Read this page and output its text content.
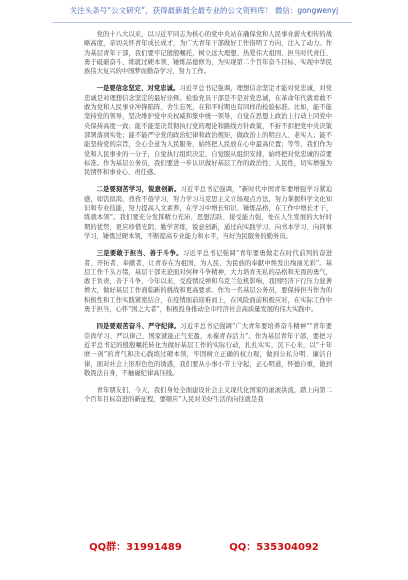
关注头条号“公文研究”，获得最新最全最专业的公文资料库！ 微信：gongwenyj

党的十八大以来，以习近平同志为核心的党中央站在确保党和人民事业薪火相传的战略高度，亲切关怀青年成长成才，为广大青年干部做好工作指明了方向、注入了动力。作为基层青年干部，我们要牢记殷殷嘱托，树立远大理想、热爱伟大祖国、担当时代责任、勇于砥砺奋斗、练就过硬本领、锤炼品德修为，为实现第二个百年奋斗目标、实现中华民族伟大复兴的中国梦而勤奋学习、努力工作。

一是要信念坚定、对党忠诚。习近平总书记强调，理想信念坚定才能对党忠诚，对党忠诚是对理想信念坚定的最好诠释。检验党员干部是不是对党忠诚，在革命年代就看敢不敢为党和人民事业冲锋陷阵、舍生忘死，在和平时期也有同样的检验标准。比如，能不能坚持党的领导，坚决维护党中央权威和集中统一领导，自觉在思想上政治上行动上同党中央保持高度一致；能不能坚决贯彻执行党的理论和路线方针政策，不折不扣把党中央决策部署落到实处；能不能严守党的政治纪律和政治规矩，做政治上的明白人、老实人；能不能坚持党的宗旨，全心全意为人民服务，始终把人民放在心中最高位置；等等。我们作为党和人民事业的一分子，自觉执行组织决定，自觉服从组织安排，始终把对党忠诚的首要标准。作为基层公务员，我们要进一步认识做好基层工作的政治性、人民性，切实增强为民情怀和事业心、责任感。

二是要刻苦学习，锐意创新。习近平总书记强调，“新时代中国青年要增强学习紧迫感，如饥似渴、孜孜不倦学习，努力学习马克思主义立场观点方法，努力掌握科学文化知识和专业技能，努力提高人文素养，在学习中增长知识、锤炼品格，在工作中增长才干、练就本领”。我们要充分发挥精力充沛、思想活跃、接受能力强、处在人生发展的大好时期的优势，更应珍惜光阴、勤学苦练，锐意创新，通过向实践学习、向书本学习、向同事学习，锤炼过硬本领，不断提高专业能力和水平，当好为民服务的勤务员。

三是要敢于担当、善于斗争。习近平总书记强调“青年要勇做走在时代前列的奋进者、开拓者、奉献者，让青春在为祖国、为人民、为民族的奉献中焕发出绚丽光彩”。基层工作千头万绪，基层干部无论面对何种斗争精神，大力培育无私的品格和无畏的勇气，敢于负责，善于斗争，今年以来，受疫情反弹和乌克兰危机影响，我国经济下行压力显著增大，做好基层工作面临新的挑战和更高要求。作为一名基层公务员，要保持担当作为的积极性和工作实践紧密结合，在疫情面前迎难而上，在风险面前积极应对，在实际工作中勇于担当，心怀“国之大者”，积极投身推动全市经济社会高质量发展的伟大实践中。

四是要艰苦奋斗、严守纪律。习近平总书记强调“广大青年要培养奋斗精神”“青年要崇尚学习、严以律己，国家就能正气充盈，永葆青春活力”。作为基层青年干部，要把习近平总书记的殷殷嘱托转化为做好基层工作的实际行动，扎扎实实、沉下心来，以“十年磨一剑”的青气和决心践练过硬本领，牢固树立正确的权力观，做到公私分明、廉洁自律，面对社会上形形色色的诱惑，我们要从小事小节上守起，正心明道，怀德自重，做到敬畏法自身，不触碰纪律高压线。

青年朋友们，今天，我们身处全面建设社会主义现代化国家的滚滚洪流，踏上向第二个百年目标奋进的新征程，要顺应“人民对美好生活的向往就是我

QQ群：31991489	QQ：535304092
